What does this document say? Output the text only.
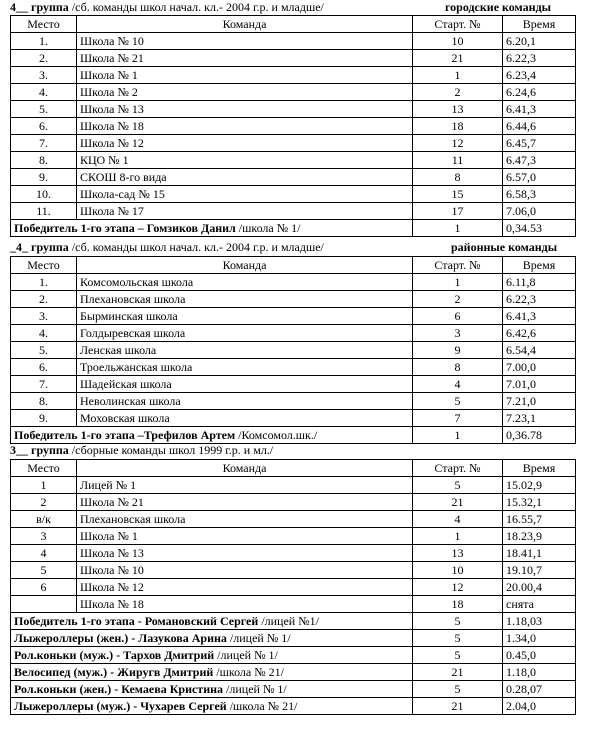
4__ группа /сб. команды школ начал. кл.- 2004 г.р. и младше/	городские команды
Место	Команда	Старт. №	Время
1.	Школа № 10	10	6.20,1
2.	Школа № 21	21	6.22,3
3.	Школа № 1	1	6.23,4
4.	Школа № 2	2	6.24,6
5.	Школа № 13	13	6.41,3
6.	Школа № 18	18	6.44,6
7.	Школа № 12	12	6.45,7
8.	КЦО № 1	11	6.47,3
9.	СКОШ 8-го вида	8	6.57,0
10.	Школа-сад № 15	15	6.58,3
11.	Школа № 17	17	7.06,0
Победитель 1-го этапа – Гомзиков Данил /школа № 1/		1	0,34.53
_4_ группа /сб. команды школ начал. кл.- 2004 г.р. и младше/	районные команды
Место	Команда	Старт. №	Время
1.	Комсомольская школа	1	6.11,8
2.	Плехановская школа	2	6.22,3
3.	Бырминская школа	6	6.41,3
4.	Голдыревская школа	3	6.42,6
5.	Ленская школа	9	6.54,4
6.	Троельжанская школа	8	7.00,0
7.	Шадейская школа	4	7.01,0
8.	Неволинская школа	5	7.21,0
9.	Моховская школа	7	7.23,1
Победитель 1-го этапа –Трефилов Артем /Комсомол.шк./		1	0,36.78
3__ группа /сборные команды школ 1999 г.р. и мл./
Место	Команда	Старт. №	Время
1	Лицей № 1	5	15.02,9
2	Школа № 21	21	15.32,1
в/к	Плехановская школа	4	16.55,7
3	Школа № 1	1	18.23,9
4	Школа № 13	13	18.41,1
5	Школа № 10	10	19.10,7
6	Школа № 12	12	20.00,4
	Школа № 18	18	снята
Победитель 1-го этапа - Романовский Сергей /лицей №1/		5	1.18,03
Лыжероллеры (жен.) - Лазукова Арина /лицей № 1/		5	1.34,0
Рол.коньки (муж.) - Тархов Дмитрий /лицей № 1/		5	0.45,0
Велосипед (муж.) - Жиругв Дмитрий /школа № 21/		21	1.18,0
Рол.коньки (жен.) - Кемаева Кристина /лицей № 1/		5	0.28,07
Лыжероллеры (муж.) - Чухарев Сергей /школа № 21/		21	2.04,0
